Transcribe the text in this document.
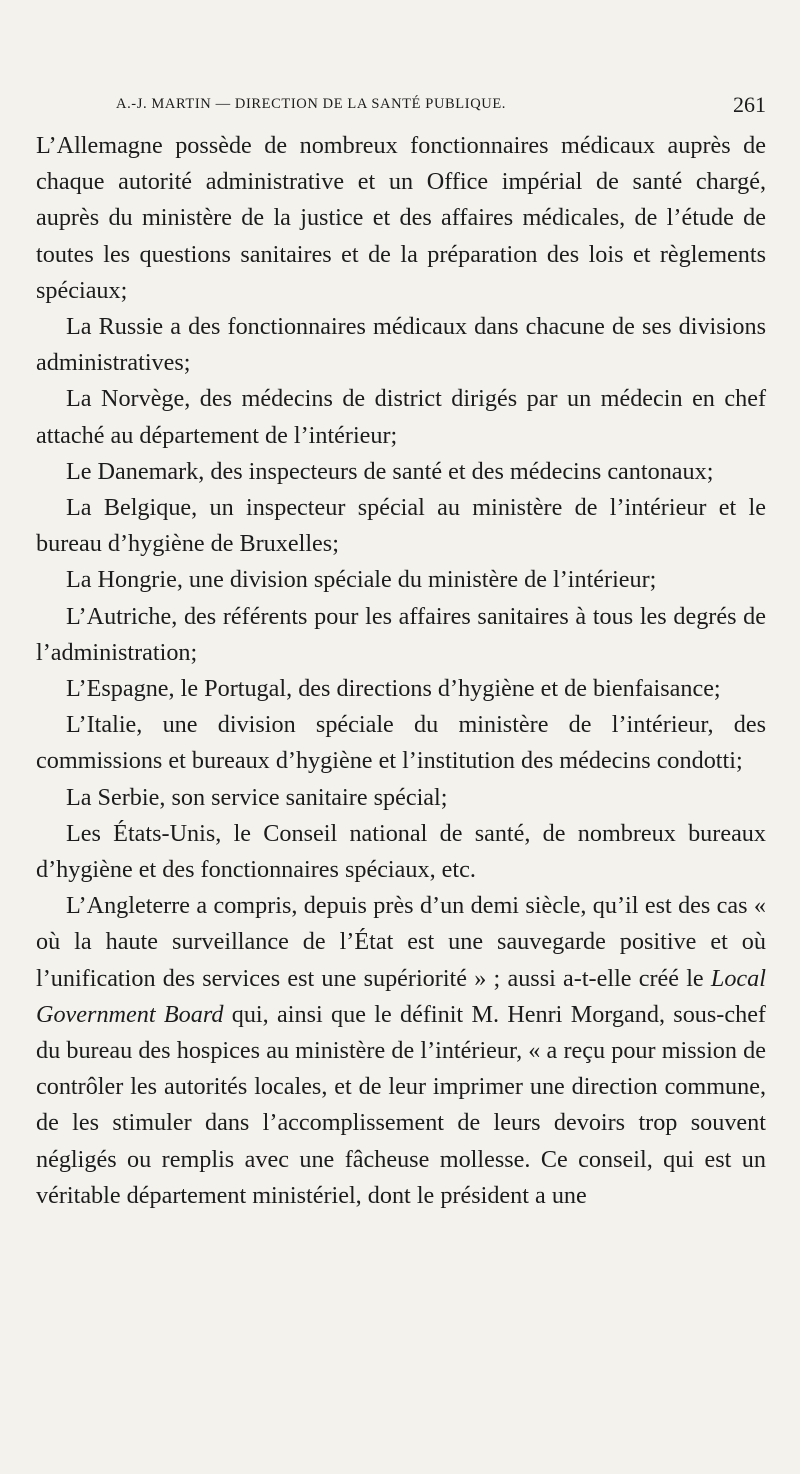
A.-J. MARTIN — DIRECTION DE LA SANTÉ PUBLIQUE.	261

L’Allemagne possède de nombreux fonctionnaires médicaux auprès de chaque autorité administrative et un Office impérial de santé chargé, auprès du ministère de la justice et des affaires médicales, de l’étude de toutes les questions sanitaires et de la préparation des lois et règlements spéciaux;

La Russie a des fonctionnaires médicaux dans chacune de ses divisions administratives;

La Norvège, des médecins de district dirigés par un médecin en chef attaché au département de l’intérieur;

Le Danemark, des inspecteurs de santé et des médecins cantonaux;

La Belgique, un inspecteur spécial au ministère de l’intérieur et le bureau d’hygiène de Bruxelles;

La Hongrie, une division spéciale du ministère de l’intérieur;

L’Autriche, des référents pour les affaires sanitaires à tous les degrés de l’administration;

L’Espagne, le Portugal, des directions d’hygiène et de bienfaisance;

L’Italie, une division spéciale du ministère de l’intérieur, des commissions et bureaux d’hygiène et l’institution des médecins condotti;

La Serbie, son service sanitaire spécial;

Les États-Unis, le Conseil national de santé, de nombreux bureaux d’hygiène et des fonctionnaires spéciaux, etc.

L’Angleterre a compris, depuis près d’un demi siècle, qu’il est des cas « où la haute surveillance de l’État est une sauvegarde positive et où l’unification des services est une supériorité » ; aussi a-t-elle créé le Local Government Board qui, ainsi que le définit M. Henri Morgand, sous-chef du bureau des hospices au ministère de l’intérieur, « a reçu pour mission de contrôler les autorités locales, et de leur imprimer une direction commune, de les stimuler dans l’accomplissement de leurs devoirs trop souvent négligés ou remplis avec une fâcheuse mollesse. Ce conseil, qui est un véritable département ministériel, dont le président a une
